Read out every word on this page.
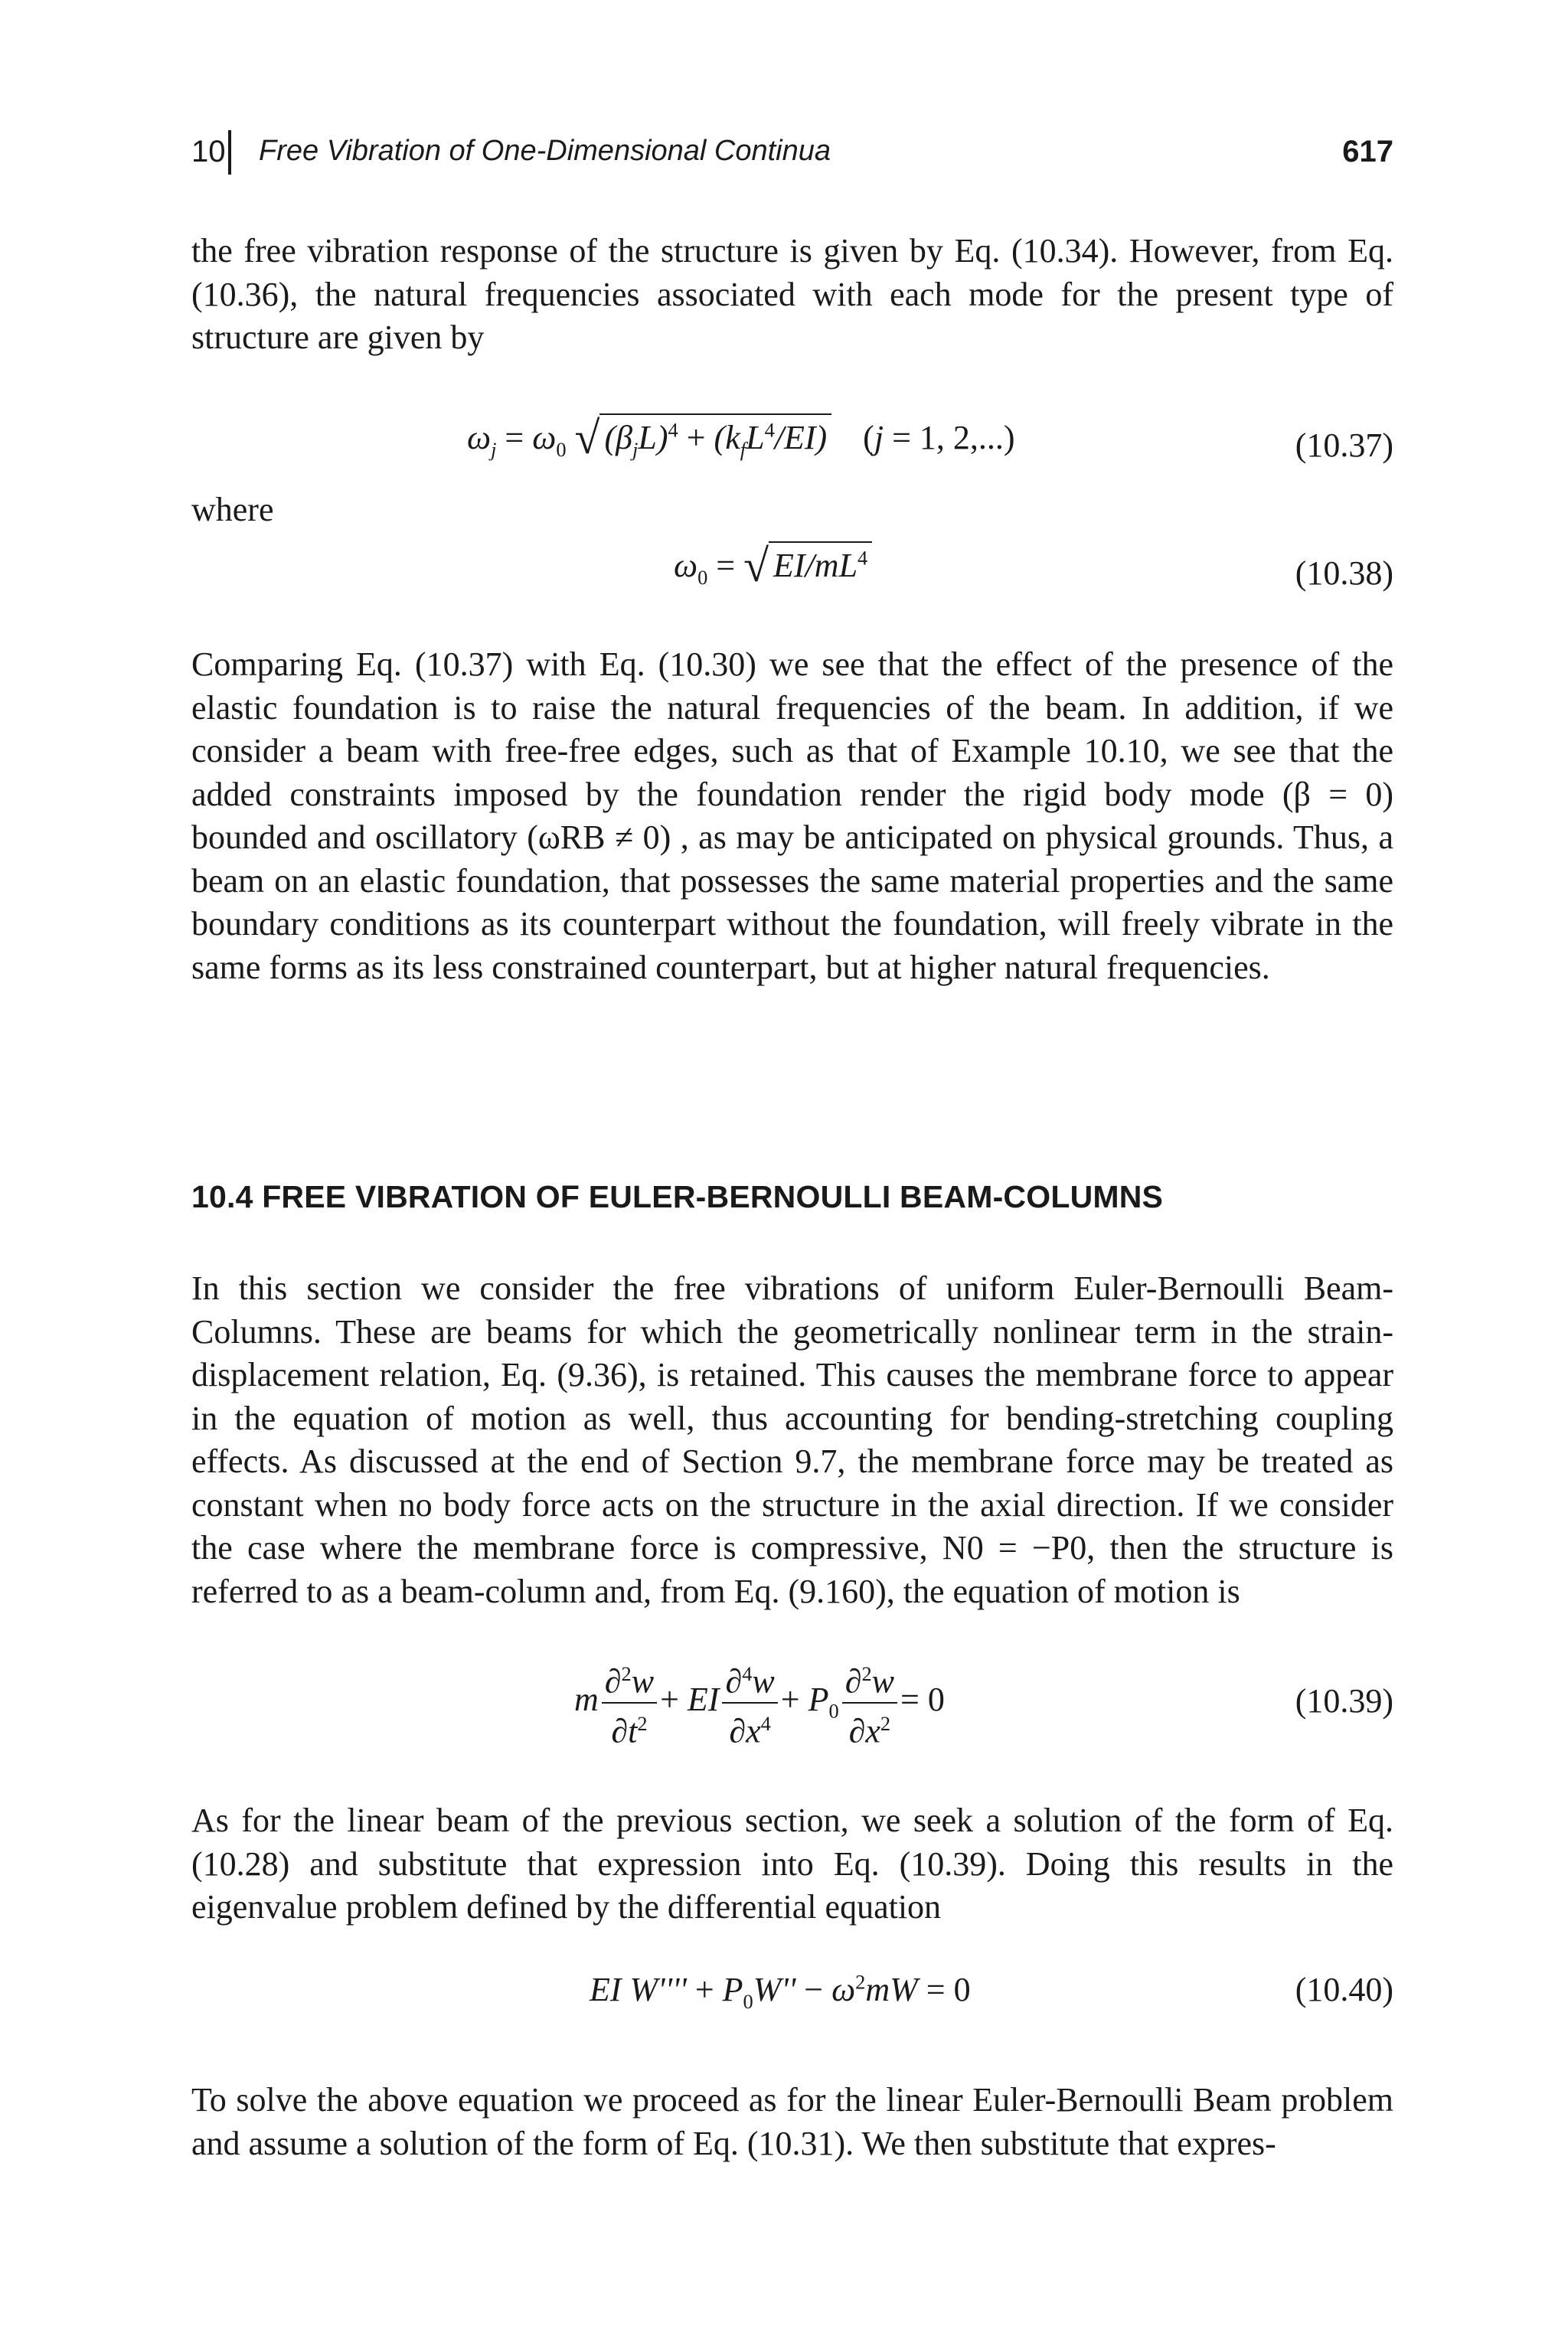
10 Free Vibration of One-Dimensional Continua	617

the free vibration response of the structure is given by Eq. (10.34). However, from Eq. (10.36), the natural frequencies associated with each mode for the present type of structure are given by

$\omega_j = \omega_0$ √ $(\beta_jL)^4 + (k_fL^4/EI) (j = 1$, 2,...)	(10.37)
where
$\omega_0$ = √ $EI/mL^4$	(10.38)

Comparing Eq. (10.37) with Eq. (10.30) we see that the effect of the presence of the elastic foundation is to raise the natural frequencies of the beam. In addition, if we consider a beam with free-free edges, such as that of Example 10.10, we see that the added constraints imposed by the foundation render the rigid body mode (β = 0) bounded and oscillatory (ωRB ≠ 0) , as may be anticipated on physical grounds. Thus, a beam on an elastic foundation, that possesses the same material properties and the same boundary conditions as its counterpart without the foundation, will freely vibrate in the same forms as its less constrained counterpart, but at higher natural frequencies.

10.4 FREE VIBRATION OF EULER-BERNOULLI BEAM-COLUMNS

In this section we consider the free vibrations of uniform Euler-Bernoulli Beam-Columns. These are beams for which the geometrically nonlinear term in the strain-displacement relation, Eq. (9.36), is retained. This causes the membrane force to appear in the equation of motion as well, thus accounting for bending-stretching coupling effects. As discussed at the end of Section 9.7, the membrane force may be treated as constant when no body force acts on the structure in the axial direction. If we consider the case where the membrane force is compressive, N0 = −P0, then the structure is referred to as a beam-column and, from Eq. (9.160), the equation of motion is

m $\frac{\partial^2w}{\partial t^2}$ + EI $\frac{\partial^4w}{\partial x^4} + P_0 \frac{\partial^2w}{\partial x^2} = 0$	(10.39)

As for the linear beam of the previous section, we seek a solution of the form of Eq. (10.28) and substitute that expression into Eq. (10.39). Doing this results in the eigenvalue problem defined by the differential equation

EI $W'''' + P_0W'' - \omega^2mW = 0$	(10.40)

To solve the above equation we proceed as for the linear Euler-Bernoulli Beam problem and assume a solution of the form of Eq. (10.31). We then substitute that expres-
